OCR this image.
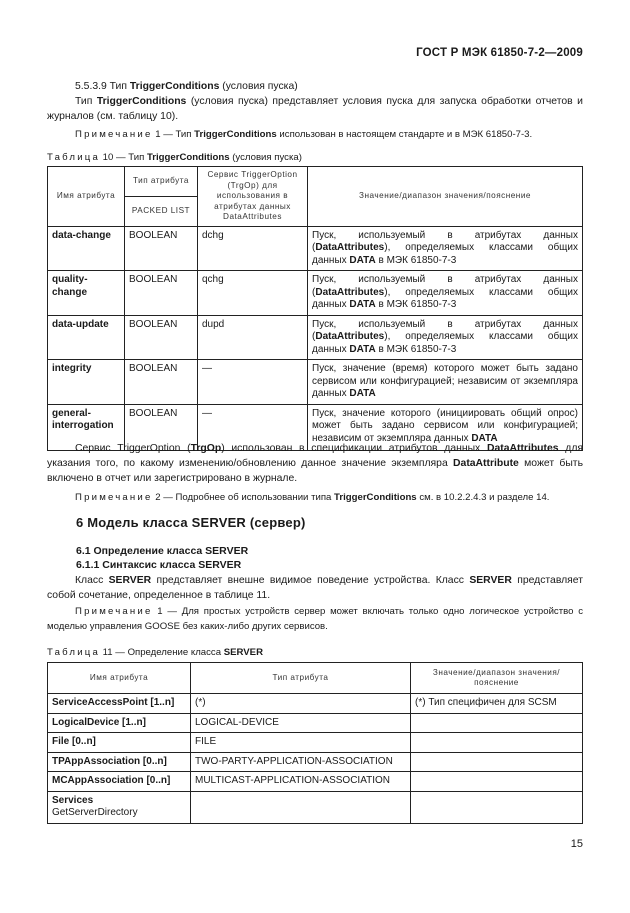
ГОСТ Р МЭК 61850-7-2—2009
5.5.3.9 Тип TriggerConditions (условия пуска)
Тип TriggerConditions (условия пуска) представляет условия пуска для запуска обработки отчетов и журналов (см. таблицу 10).
Примечание 1 — Тип TriggerConditions использован в настоящем стандарте и в МЭК 61850-7-3.
Таблица 10 — Тип TriggerConditions (условия пуска)
Имя атрибута	Тип атрибута	Сервис TriggerOption (TrgOp) для использования в атрибутах данных DataAttributes	Значение/диапазон значения/пояснение
	PACKED LIST		
data-change	BOOLEAN	dchg	Пуск, используемый в атрибутах данных (DataAttributes), определяемых классами общих данных DATA в МЭК 61850-7-3
quality-change	BOOLEAN	qchg	Пуск, используемый в атрибутах данных (DataAttributes), определяемых классами общих данных DATA в МЭК 61850-7-3
data-update	BOOLEAN	dupd	Пуск, используемый в атрибутах данных (DataAttributes), определяемых классами общих данных DATA в МЭК 61850-7-3
integrity	BOOLEAN	—	Пуск, значение (время) которого может быть задано сервисом или конфигурацией; независим от экземпляра данных DATA
general-interrogation	BOOLEAN	—	Пуск, значение которого (инициировать общий опрос) может быть задано сервисом или конфигурацией; независим от экземпляра данных DATA
Сервис TriggerOption (TrgOp) использован в спецификации атрибутов данных DataAttributes для указания того, по какому изменению/обновлению данное значение экземпляра DataAttribute может быть включено в отчет или зарегистрировано в журнале.
Примечание 2 — Подробнее об использовании типа TriggerConditions см. в 10.2.2.4.3 и разделе 14.
6 Модель класса SERVER (сервер)
6.1 Определение класса SERVER
6.1.1 Синтаксис класса SERVER
Класс SERVER представляет внешне видимое поведение устройства. Класс SERVER представляет собой сочетание, определенное в таблице 11.
Примечание 1 — Для простых устройств сервер может включать только одно логическое устройство с моделью управления GOOSE без каких-либо других сервисов.
Таблица 11 — Определение класса SERVER
Имя атрибута	Тип атрибута	Значение/диапазон значения/пояснение
ServiceAccessPoint [1..n]	(*)	(*) Тип специфичен для SCSM
LogicalDevice [1..n]	LOGICAL-DEVICE	
File [0..n]	FILE	
TPAppAssociation [0..n]	TWO-PARTY-APPLICATION-ASSOCIATION	
MCAppAssociation [0..n]	MULTICAST-APPLICATION-ASSOCIATION	
Services
GetServerDirectory		
15
